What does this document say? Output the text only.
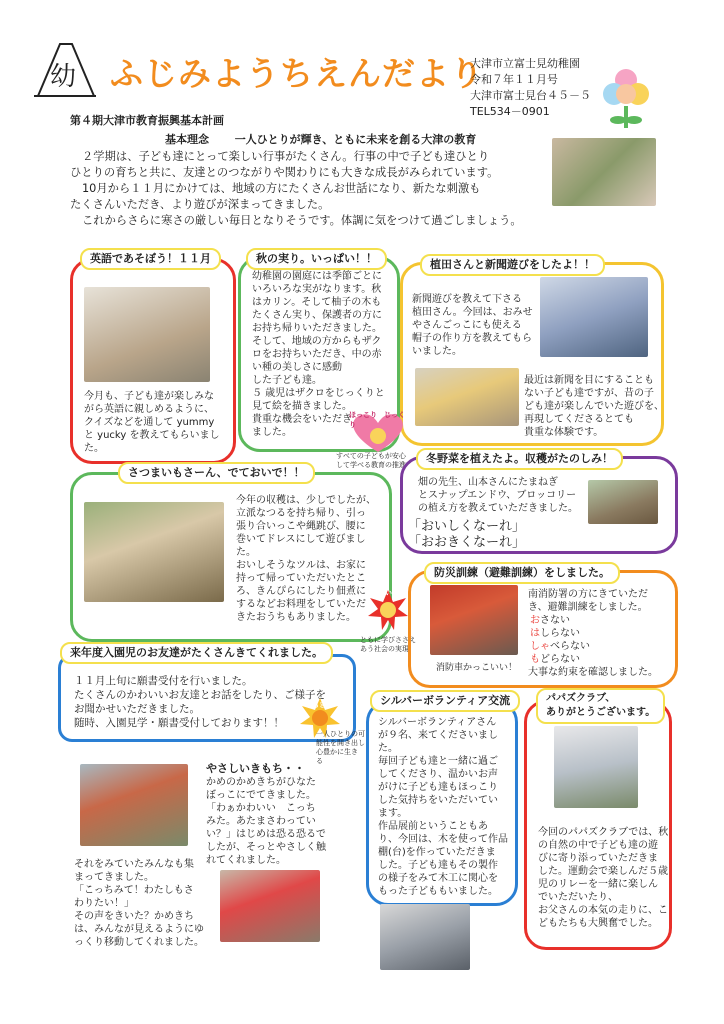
幼 ふじみようちえんだより
大津市立富士見幼稚園
令和７年１１月号
大津市富士見台４５－５
TEL534－0901
第４期大津市教育振興基本計画
基本理念 一人ひとりが輝き、ともに未来を創る大津の教育
２学期は、子ども達にとって楽しい行事がたくさん。行事の中で子ども達ひとり
ひとりの育ちと共に、友達とのつながりや関わりにも大きな成長がみられています。
10月から１１月にかけては、地域の方にたくさんお世話になり、新たな刺激も
たくさんいただき、より遊びが深まってきました。
これからさらに寒さの厳しい毎日となりそうです。体調に気をつけて過ごしましょう。
英語であそぼう！１１月
今月も、子ども達が楽しみな
がら英語に親しめるように、
クイズなどを通して yummy
と yucky を教えてもらいまし
た。
秋の実り。いっぱい！！
幼稚園の園庭には季節ごとに
いろいろな実がなります。秋
はカリン。そして柚子の木も
たくさん実り、保護者の方に
お持ち帰りいただきました。
そして、地域の方からもザク
ロをお持ちいただき、中の赤
い種の美しさに感動
した子ども達。
５ 歳児はザクロをじっくりと
見て絵を描きました。
貴重な機会をいただき
ました。
植田さんと新聞遊びをしたよ！！
新聞遊びを教えて下さる
植田さん。今回は、おみせ
やさんごっこにも使える
帽子の作り方を教えてもら
いました。
最近は新聞を目にすることも
ない子ども達ですが、昔の子
ども達が楽しんでいた遊びを、
再現してくださるとても
貴重な体験です。
ほっこり　じっくり
すべての子どもが安心
して学べる教育の推進	冬野菜を植えたよ。収穫がたのしみ！
畑の先生、山本さんにたまねぎ
とスナップエンドウ、ブロッコリー
の植え方を教えていただきました。
「おいしくなーれ」
「おおきくなーれ」
さつまいもさーん、でておいで！！
今年の収穫は、少しでしたが、
立派なつるを持ち帰り、引っ
張り合いっこや縄跳び、腰に
巻いてドレスにして遊びまし
た。
おいしそうなツルは、お家に
持って帰っていただいたとこ
ろ、きんぴらにしたり佃煮に
するなどお料理をしていただ
きたおうちもありました。
いきいき
ともに学びささえ
あう社会の実現
防災訓練（避難訓練）をしました。
消防車かっこいい！
南消防署の方にきていただ
き、避難訓練をしました。
おさない
はしらない
しゃべらない
もどらない
大事な約束を確認しました。
来年度入園児のお友達がたくさんきてくれました。
１１月上旬に願書受付を行いました。
たくさんのかわいいお友達とお話をしたり、ご様子を
お聞かせいただきました。
随時、入園見学・願書受付しております！！
きらきら
一人ひとりの可
能性を開き出し
心豊かに生き
る
シルバーボランティア交流
シルバーボランティアさん
が９名、来てくださいまし
た。
毎回子ども達と一緒に過ご
してくださり、温かいお声
がけに子ども達もほっこり
した気持ちをいただいてい
ます。
作品展前ということもあ
り、今回は、木を使って作品
棚(台)を作っていただきま
した。子ども達もその製作
の様子をみて木工に関心を
もった子どももいました。
パパズクラブ、
ありがとうございます。
今回のパパズクラブでは、秋
の自然の中で子ども達の遊
びに寄り添っていただきま
した。運動会で楽しんだ５歳
児のリレーを一緒に楽しん
でいただいたり、
お父さんの本気の走りに、こ
どもたちも大興奮でした。
やさしいきもち・・
かめのかめきちがひなた
ぼっこにでてきました。
「わぁかわいい　こっち
みた。あたまさわってい
い？」はじめは恐る恐るで
したが、そっとやさしく触
れてくれました。
それをみていたみんなも集
まってきました。
「こっちみて！わたしもさ
わりたい！」
その声をきいた？かめきち
は、みんなが見えるようにゆ
っくり移動してくれました。
